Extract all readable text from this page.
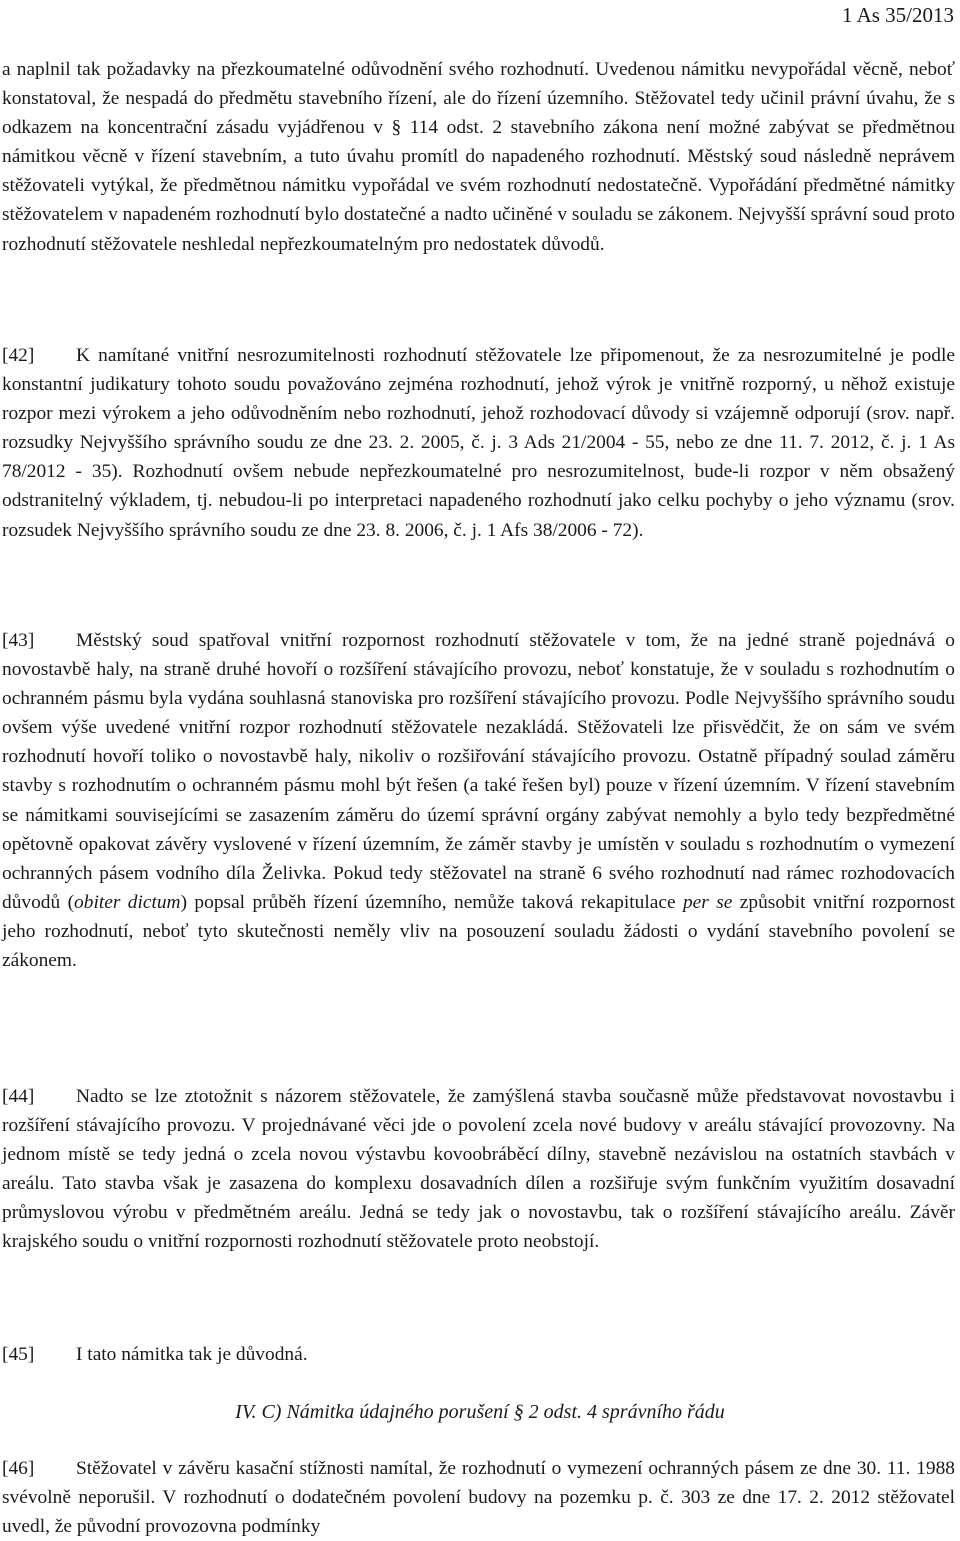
1 As 35/2013

a naplnil tak požadavky na přezkoumatelné odůvodnění svého rozhodnutí. Uvedenou námitku nevypořádal věcně, neboť konstatoval, že nespadá do předmětu stavebního řízení, ale do řízení územního. Stěžovatel tedy učinil právní úvahu, že s odkazem na koncentrační zásadu vyjádřenou v § 114 odst. 2 stavebního zákona není možné zabývat se předmětnou námitkou věcně v řízení stavebním, a tuto úvahu promítl do napadeného rozhodnutí. Městský soud následně neprávem stěžovateli vytýkal, že předmětnou námitku vypořádal ve svém rozhodnutí nedostatečně. Vypořádání předmětné námitky stěžovatelem v napadeném rozhodnutí bylo dostatečné a nadto učiněné v souladu se zákonem. Nejvyšší správní soud proto rozhodnutí stěžovatele neshledal nepřezkoumatelným pro nedostatek důvodů.

[42] K namítané vnitřní nesrozumitelnosti rozhodnutí stěžovatele lze připomenout, že za nesrozumitelné je podle konstantní judikatury tohoto soudu považováno zejména rozhodnutí, jehož výrok je vnitřně rozporný, u něhož existuje rozpor mezi výrokem a jeho odůvodněním nebo rozhodnutí, jehož rozhodovací důvody si vzájemně odporují (srov. např. rozsudky Nejvyššího správního soudu ze dne 23. 2. 2005, č. j. 3 Ads 21/2004 - 55, nebo ze dne 11. 7. 2012, č. j. 1 As 78/2012 - 35). Rozhodnutí ovšem nebude nepřezkoumatelné pro nesrozumitelnost, bude-li rozpor v něm obsažený odstranitelný výkladem, tj. nebudou-li po interpretaci napadeného rozhodnutí jako celku pochyby o jeho významu (srov. rozsudek Nejvyššího správního soudu ze dne 23. 8. 2006, č. j. 1 Afs 38/2006 - 72).

[43] Městský soud spatřoval vnitřní rozpornost rozhodnutí stěžovatele v tom, že na jedné straně pojednává o novostavbě haly, na straně druhé hovoří o rozšíření stávajícího provozu, neboť konstatuje, že v souladu s rozhodnutím o ochranném pásmu byla vydána souhlasná stanoviska pro rozšíření stávajícího provozu. Podle Nejvyššího správního soudu ovšem výše uvedené vnitřní rozpor rozhodnutí stěžovatele nezakládá. Stěžovateli lze přisvědčit, že on sám ve svém rozhodnutí hovoří toliko o novostavbě haly, nikoliv o rozšiřování stávajícího provozu. Ostatně případný soulad záměru stavby s rozhodnutím o ochranném pásmu mohl být řešen (a také řešen byl) pouze v řízení územním. V řízení stavebním se námitkami souvisejícími se zasazením záměru do území správní orgány zabývat nemohly a bylo tedy bezpředmětné opětovně opakovat závěry vyslovené v řízení územním, že záměr stavby je umístěn v souladu s rozhodnutím o vymezení ochranných pásem vodního díla Želivka. Pokud tedy stěžovatel na straně 6 svého rozhodnutí nad rámec rozhodovacích důvodů (obiter dictum) popsal průběh řízení územního, nemůže taková rekapitulace per se způsobit vnitřní rozpornost jeho rozhodnutí, neboť tyto skutečnosti neměly vliv na posouzení souladu žádosti o vydání stavebního povolení se zákonem.

[44] Nadto se lze ztotožnit s názorem stěžovatele, že zamýšlená stavba současně může představovat novostavbu i rozšíření stávajícího provozu. V projednávané věci jde o povolení zcela nové budovy v areálu stávající provozovny. Na jednom místě se tedy jedná o zcela novou výstavbu kovoobráběcí dílny, stavebně nezávislou na ostatních stavbách v areálu. Tato stavba však je zasazena do komplexu dosavadních dílen a rozšiřuje svým funkčním využitím dosavadní průmyslovou výrobu v předmětném areálu. Jedná se tedy jak o novostavbu, tak o rozšíření stávajícího areálu. Závěr krajského soudu o vnitřní rozpornosti rozhodnutí stěžovatele proto neobstojí.

[45] I tato námitka tak je důvodná.

IV. C) Námitka údajného porušení § 2 odst. 4 správního řádu

[46] Stěžovatel v závěru kasační stížnosti namítal, že rozhodnutí o vymezení ochranných pásem ze dne 30. 11. 1988 svévolně neporušil. V rozhodnutí o dodatečném povolení budovy na pozemku p. č. 303 ze dne 17. 2. 2012 stěžovatel uvedl, že původní provozovna podmínky
